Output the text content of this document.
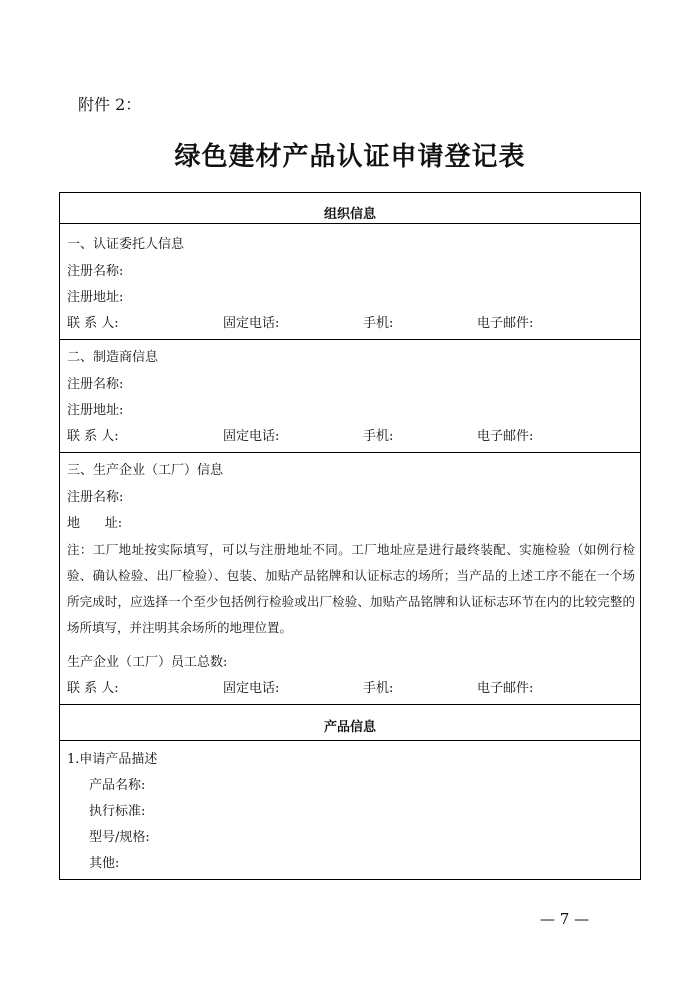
附件 2：
绿色建材产品认证申请登记表
组织信息
一、认证委托人信息
注册名称:
注册地址:
联 系 人:	固定电话:	手机:	电子邮件:
二、制造商信息
注册名称:
注册地址:
联 系 人:	固定电话:	手机:	电子邮件:
三、生产企业（工厂）信息
注册名称:
地      址:
注：工厂地址按实际填写，可以与注册地址不同。工厂地址应是进行最终装配、实施检验（如例行检验、确认检验、出厂检验）、包装、加贴产品铭牌和认证标志的场所；当产品的上述工序不能在一个场所完成时，应选择一个至少包括例行检验或出厂检验、加贴产品铭牌和认证标志环节在内的比较完整的场所填写，并注明其余场所的地理位置。
生产企业（工厂）员工总数:
联 系 人:	固定电话:	手机:	电子邮件:
产品信息
1.申请产品描述
产品名称:
执行标准:
型号/规格:
其他:
— 7 —
